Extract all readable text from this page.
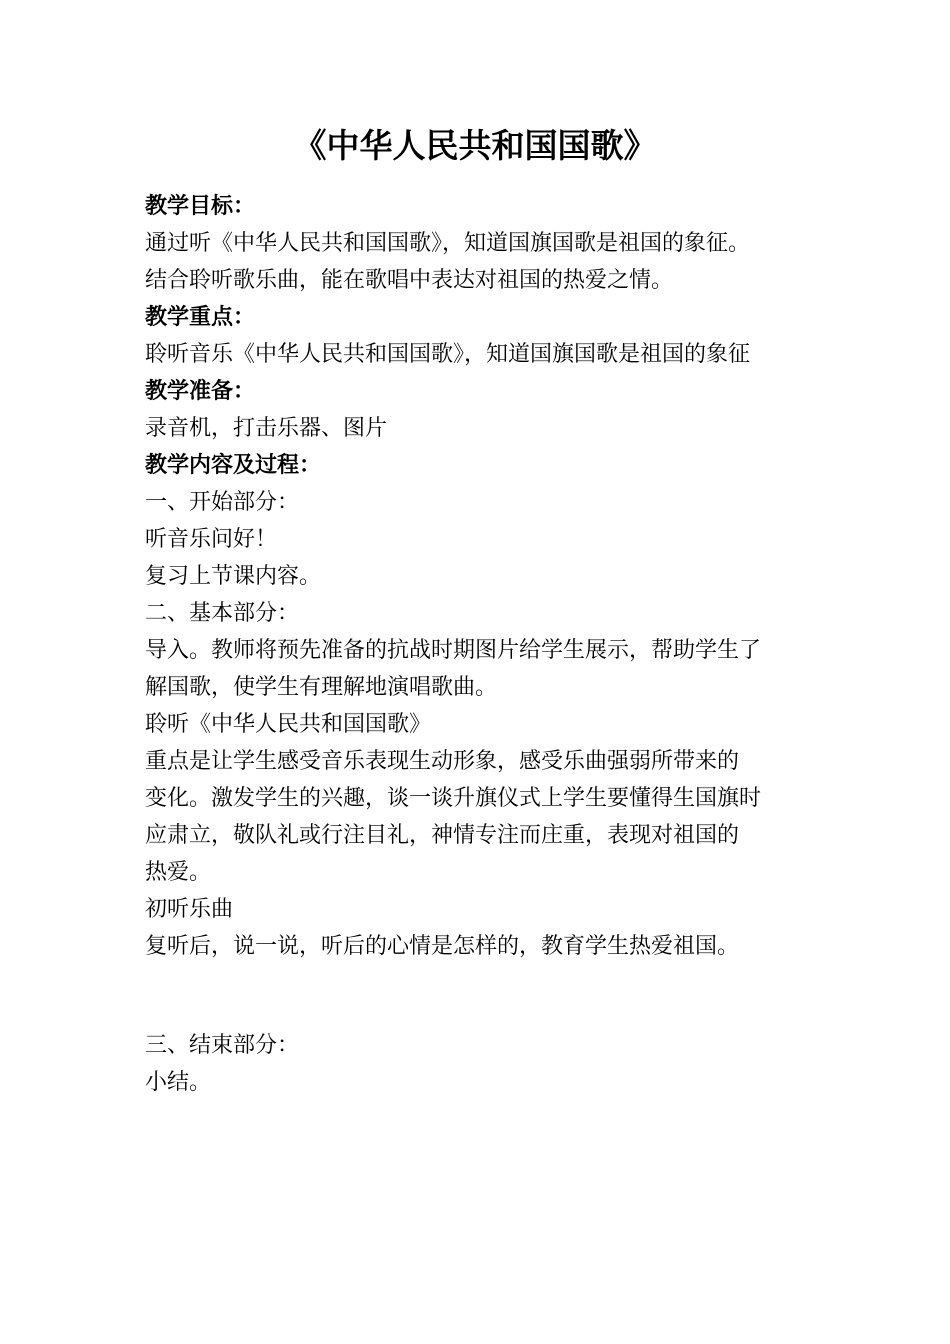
《中华人民共和国国歌》
教学目标：
通过听《中华人民共和国国歌》，知道国旗国歌是祖国的象征。
结合聆听歌乐曲，能在歌唱中表达对祖国的热爱之情。
教学重点：
聆听音乐《中华人民共和国国歌》，知道国旗国歌是祖国的象征
教学准备：
录音机，打击乐器、图片
教学内容及过程：
一、开始部分：
听音乐问好！
复习上节课内容。
二、基本部分：
导入。教师将预先准备的抗战时期图片给学生展示，帮助学生了
解国歌，使学生有理解地演唱歌曲。
聆听《中华人民共和国国歌》
重点是让学生感受音乐表现生动形象，感受乐曲强弱所带来的
变化。激发学生的兴趣，谈一谈升旗仪式上学生要懂得生国旗时
应肃立，敬队礼或行注目礼，神情专注而庄重，表现对祖国的
热爱。
初听乐曲
复听后，说一说，听后的心情是怎样的，教育学生热爱祖国。
三、结束部分：
小结。
